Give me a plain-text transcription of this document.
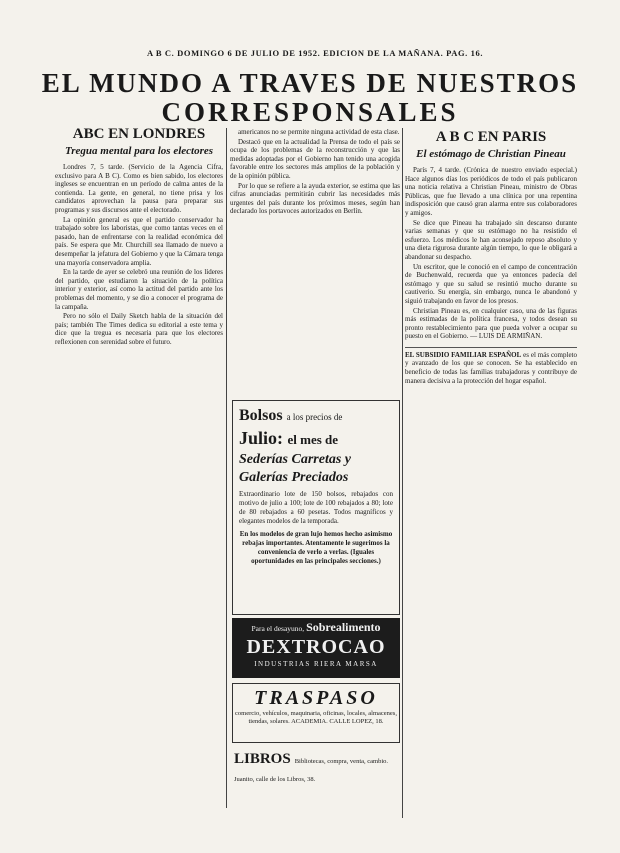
A B C. DOMINGO 6 DE JULIO DE 1952. EDICION DE LA MAÑANA. PAG. 16.
EL MUNDO A TRAVES DE NUESTROS
CORRESPONSALES
ABC EN LONDRES
Tregua mental para los electores

Londres 7, 5 tarde. (Servicio de la Agencia Cifra, exclusivo para A B C). Como es bien sabido, los electores ingleses se encuentran en un período de calma antes de la contienda. La gente, en general, no tiene prisa y los candidatos aprovechan la pausa para preparar sus programas y sus discursos ante el electorado.

La opinión general es que el partido conservador ha trabajado sobre los laboristas, que como tantas veces en el pasado, han de enfrentarse con la realidad económica del país. Se espera que Mr. Churchill sea llamado de nuevo a desempeñar la jefatura del Gobierno y que la Cámara tenga una mayoría conservadora amplia.

En la tarde de ayer se celebró una reunión de los líderes del partido, que estudiaron la situación de la política interior y exterior, así como la actitud del partido ante los problemas del momento, y se dio a conocer el programa de la campaña.

Pero no sólo el Daily Sketch habla de la situación del país; también The Times dedica su editorial a este tema y dice que la tregua es necesaria para que los electores reflexionen con serenidad sobre el futuro.

americanos no se permite ninguna actividad de esta clase.

Destacó que en la actualidad la Prensa de todo el país se ocupa de los problemas de la reconstrucción y que las medidas adoptadas por el Gobierno han tenido una acogida favorable entre los sectores más amplios de la población y de la opinión pública.

Por lo que se refiere a la ayuda exterior, se estima que las cifras anunciadas permitirán cubrir las necesidades más urgentes del país durante los próximos meses, según han declarado los portavoces autorizados en Berlín.

Bolsos a los precios de
Julio: el mes de
Sederías Carretas y Galerías Preciados
Extraordinario lote de 150 bolsos, rebajados con motivo de julio a 100; lote de 100 rebajados a 80; lote de 80 rebajados a 60 pesetas. Todos magníficos y elegantes modelos de la temporada.
En los modelos de gran lujo hemos hecho asimismo rebajas importantes. Atentamente le sugerimos la conveniencia de verlo a verlas. (Iguales oportunidades en las principales secciones.)
Para el desayuno, Sobrealimento
DEXTROCAO
INDUSTRIAS RIERA MARSA
TRASPASO
comercio, vehículos, maquinaria, oficinas, locales, almacenes, tiendas, solares. ACADEMIA. CALLE LOPEZ, 18.
LIBROS Bibliotecas, compra, venta, cambio. Juanito, calle de los Libros, 38.
A B C EN PARIS
El estómago de Christian Pineau

París 7, 4 tarde. (Crónica de nuestro enviado especial.) Hace algunos días los periódicos de todo el país publicaron una noticia relativa a Christian Pineau, ministro de Obras Públicas, que fue llevado a una clínica por una repentina indisposición que causó gran alarma entre sus colaboradores y amigos.

Se dice que Pineau ha trabajado sin descanso durante varias semanas y que su estómago no ha resistido el esfuerzo. Los médicos le han aconsejado reposo absoluto y una dieta rigurosa durante algún tiempo, lo que le obligará a abandonar su despacho.

Un escritor, que le conoció en el campo de concentración de Buchenwald, recuerda que ya entonces padecía del estómago y que su salud se resintió mucho durante su cautiverio. Su energía, sin embargo, nunca le abandonó y siguió trabajando en favor de los presos.

Christian Pineau es, en cualquier caso, una de las figuras más estimadas de la política francesa, y todos desean su pronto restablecimiento para que pueda volver a ocupar su puesto en el Gobierno. — LUIS DE ARMIÑAN.

EL SUBSIDIO FAMILIAR ESPAÑOL es el más completo y avanzado de los que se conocen. Se ha establecido en beneficio de todas las familias trabajadoras y contribuye de manera decisiva a la protección del hogar español.
